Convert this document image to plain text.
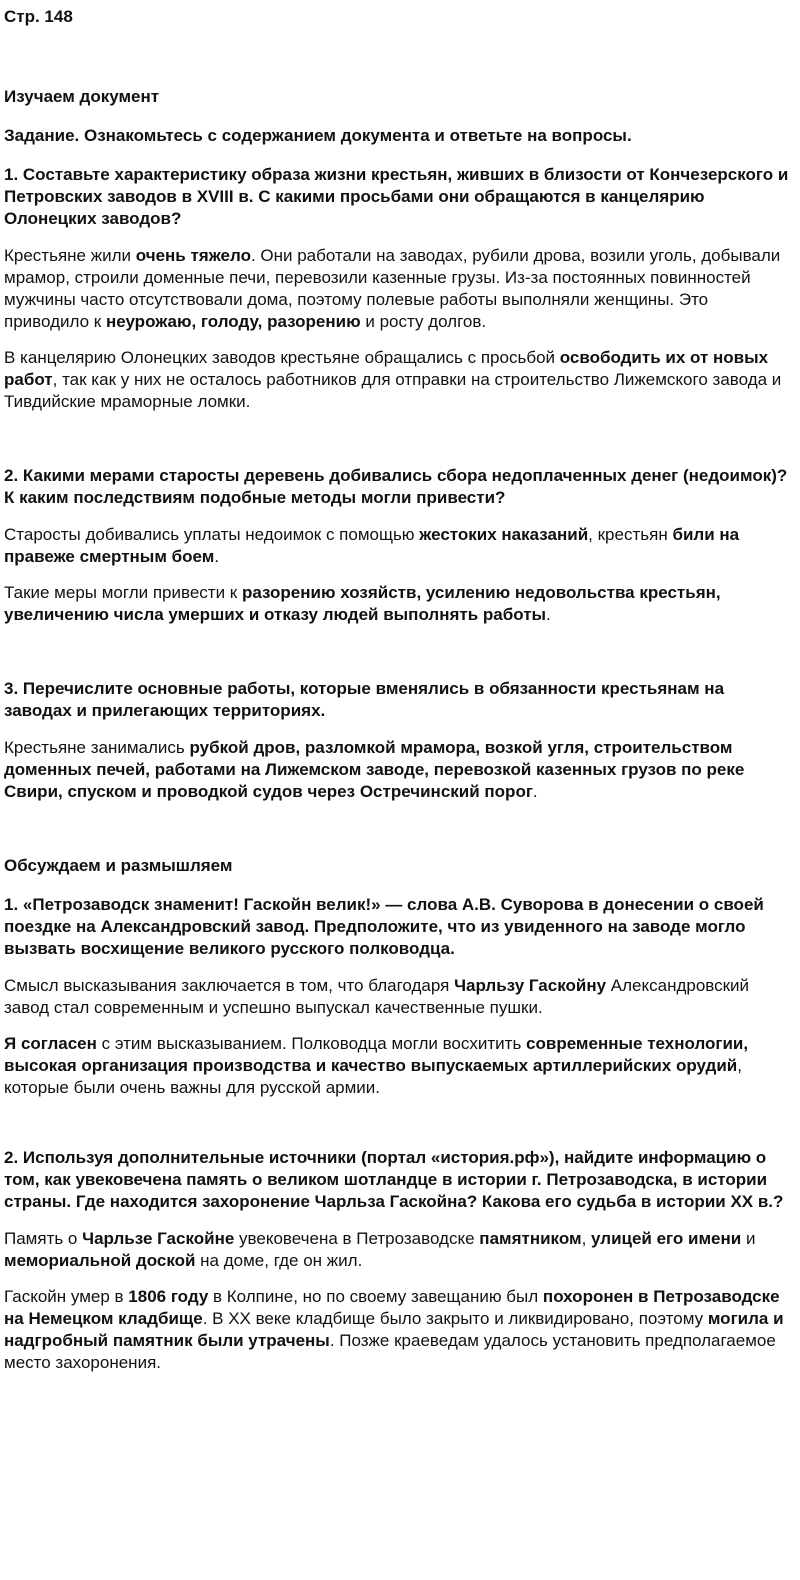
Стр. 148
Изучаем документ
Задание. Ознакомьтесь с содержанием документа и ответьте на вопросы.
1. Составьте характеристику образа жизни крестьян, живших в близости от Кончезерского и Петровских заводов в XVIII в. С какими просьбами они обращаются в канцелярию Олонецких заводов?

Крестьяне жили очень тяжело. Они работали на заводах, рубили дрова, возили уголь, добывали мрамор, строили доменные печи, перевозили казенные грузы. Из-за постоянных повинностей мужчины часто отсутствовали дома, поэтому полевые работы выполняли женщины. Это приводило к неурожаю, голоду, разорению и росту долгов.

В канцелярию Олонецких заводов крестьяне обращались с просьбой освободить их от новых работ, так как у них не осталось работников для отправки на строительство Лижемского завода и Тивдийские мраморные ломки.

2. Какими мерами старосты деревень добивались сбора недоплаченных денег (недоимок)? К каким последствиям подобные методы могли привести?

Старосты добивались уплаты недоимок с помощью жестоких наказаний, крестьян били на правеже смертным боем.

Такие меры могли привести к разорению хозяйств, усилению недовольства крестьян, увеличению числа умерших и отказу людей выполнять работы.

3. Перечислите основные работы, которые вменялись в обязанности крестьянам на заводах и прилегающих территориях.

Крестьяне занимались рубкой дров, разломкой мрамора, возкой угля, строительством доменных печей, работами на Лижемском заводе, перевозкой казенных грузов по реке Свири, спуском и проводкой судов через Остречинский порог.

Обсуждаем и размышляем
1. «Петрозаводск знаменит! Гаскойн велик!» — слова А.В. Суворова в донесении о своей поездке на Александровский завод. Предположите, что из увиденного на заводе могло вызвать восхищение великого русского полководца.

Смысл высказывания заключается в том, что благодаря Чарльзу Гаскойну Александровский завод стал современным и успешно выпускал качественные пушки.

Я согласен с этим высказыванием. Полководца могли восхитить современные технологии, высокая организация производства и качество выпускаемых артиллерийских орудий, которые были очень важны для русской армии.

2. Используя дополнительные источники (портал «история.рф»), найдите информацию о том, как увековечена память о великом шотландце в истории г. Петрозаводска, в истории страны. Где находится захоронение Чарльза Гаскойна? Какова его судьба в истории XX в.?

Память о Чарльзе Гаскойне увековечена в Петрозаводске памятником, улицей его имени и мемориальной доской на доме, где он жил.

Гаскойн умер в 1806 году в Колпине, но по своему завещанию был похоронен в Петрозаводске на Немецком кладбище. В XX веке кладбище было закрыто и ликвидировано, поэтому могила и надгробный памятник были утрачены. Позже краеведам удалось установить предполагаемое место захоронения.
